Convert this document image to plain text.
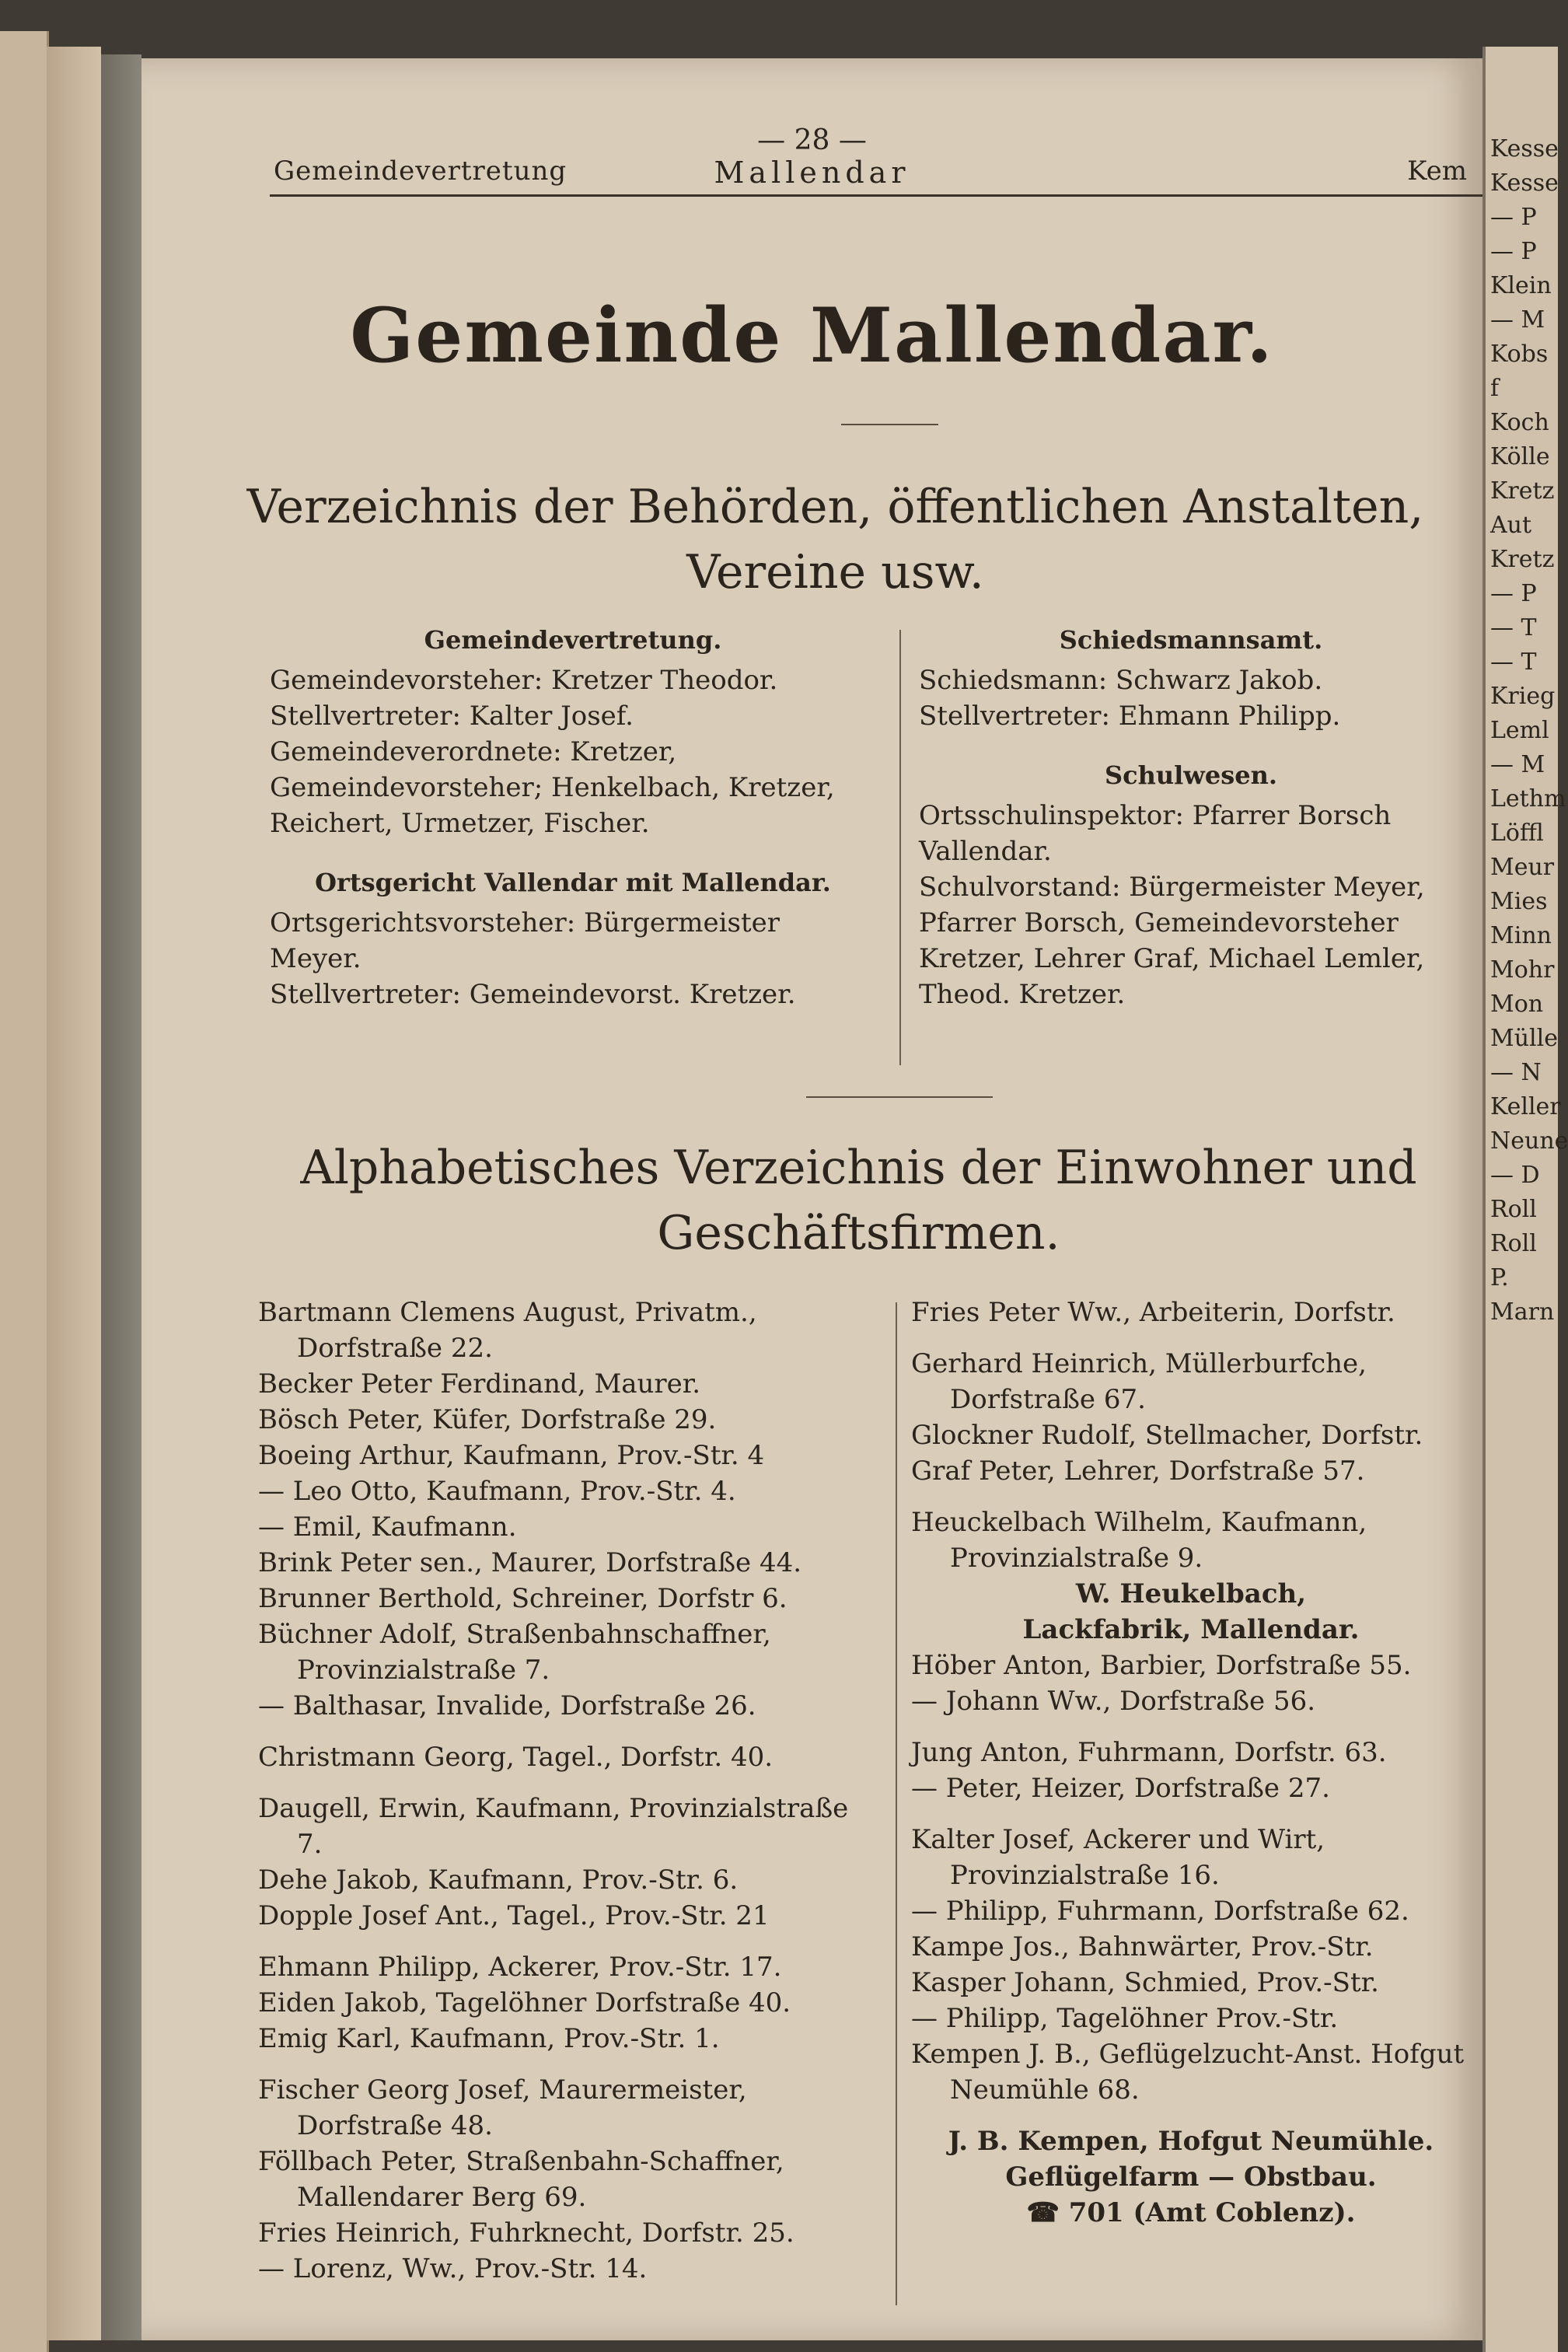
— 28 —
Gemeindevertretung	Mallendar	Kem
Gemeinde Mallendar.
Verzeichnis der Behörden, öffentlichen Anstalten, Vereine usw.

Gemeindevertretung.

Gemeindevorsteher: Kretzer Theodor.

Stellvertreter: Kalter Josef.

Gemeindeverordnete: Kretzer, Gemeindevorsteher; Henkelbach, Kretzer, Reichert, Urmetzer, Fischer.

Ortsgericht Vallendar mit Mallendar.

Ortsgerichtsvorsteher: Bürgermeister Meyer.

Stellvertreter: Gemeindevorst. Kretzer.

Schiedsmannsamt.

Schiedsmann: Schwarz Jakob.

Stellvertreter: Ehmann Philipp.

Schulwesen.

Ortsschulinspektor: Pfarrer Borsch Vallendar.

Schulvorstand: Bürgermeister Meyer, Pfarrer Borsch, Gemeindevorsteher Kretzer, Lehrer Graf, Michael Lemler, Theod. Kretzer.

Alphabetisches Verzeichnis der Einwohner und Geschäftsfirmen.

Bartmann Clemens August, Privatm., Dorfstraße 22.

Becker Peter Ferdinand, Maurer.

Bösch Peter, Küfer, Dorfstraße 29.

Boeing Arthur, Kaufmann, Prov.-Str. 4

— Leo Otto, Kaufmann, Prov.-Str. 4.

— Emil, Kaufmann.

Brink Peter sen., Maurer, Dorfstraße 44.

Brunner Berthold, Schreiner, Dorfstr 6.

Büchner Adolf, Straßenbahnschaffner, Provinzialstraße 7.

— Balthasar, Invalide, Dorfstraße 26.

Christmann Georg, Tagel., Dorfstr. 40.

Daugell, Erwin, Kaufmann, Provinzialstraße 7.

Dehe Jakob, Kaufmann, Prov.-Str. 6.

Dopple Josef Ant., Tagel., Prov.-Str. 21

Ehmann Philipp, Ackerer, Prov.-Str. 17.

Eiden Jakob, Tagelöhner Dorfstraße 40.

Emig Karl, Kaufmann, Prov.-Str. 1.

Fischer Georg Josef, Maurermeister, Dorfstraße 48.

Föllbach Peter, Straßenbahn-Schaffner, Mallendarer Berg 69.

Fries Heinrich, Fuhrknecht, Dorfstr. 25.

— Lorenz, Ww., Prov.-Str. 14.

Fries Peter Ww., Arbeiterin, Dorfstr.

Gerhard Heinrich, Müllerburfche, Dorfstraße 67.

Glockner Rudolf, Stellmacher, Dorfstr.

Graf Peter, Lehrer, Dorfstraße 57.

Heuckelbach Wilhelm, Kaufmann, Provinzialstraße 9.

W. Heukelbach,

Lackfabrik, Mallendar.

Höber Anton, Barbier, Dorfstraße 55.

— Johann Ww., Dorfstraße 56.

Jung Anton, Fuhrmann, Dorfstr. 63.

— Peter, Heizer, Dorfstraße 27.

Kalter Josef, Ackerer und Wirt, Provinzialstraße 16.

— Philipp, Fuhrmann, Dorfstraße 62.

Kampe Jos., Bahnwärter, Prov.-Str.

Kasper Johann, Schmied, Prov.-Str.

— Philipp, Tagelöhner Prov.-Str.

Kempen J. B., Geflügelzucht-Anst. Hofgut Neumühle 68.

J. B. Kempen, Hofgut Neumühle.

Geflügelfarm — Obstbau.

☎ 701 (Amt Coblenz).

Kesse
Kesse
— P
— P
Klein
— M
Kobs
f
Koch
Kölle
Kretz
Aut
Kretz
— P
— T
— T
Krieg
Leml
— M
Lethm
Löffl
Meur
Mies
Minn
Mohr
Mon
Mülle
— N
Keller
Neune
— D
Roll
Roll
P.
Marn
